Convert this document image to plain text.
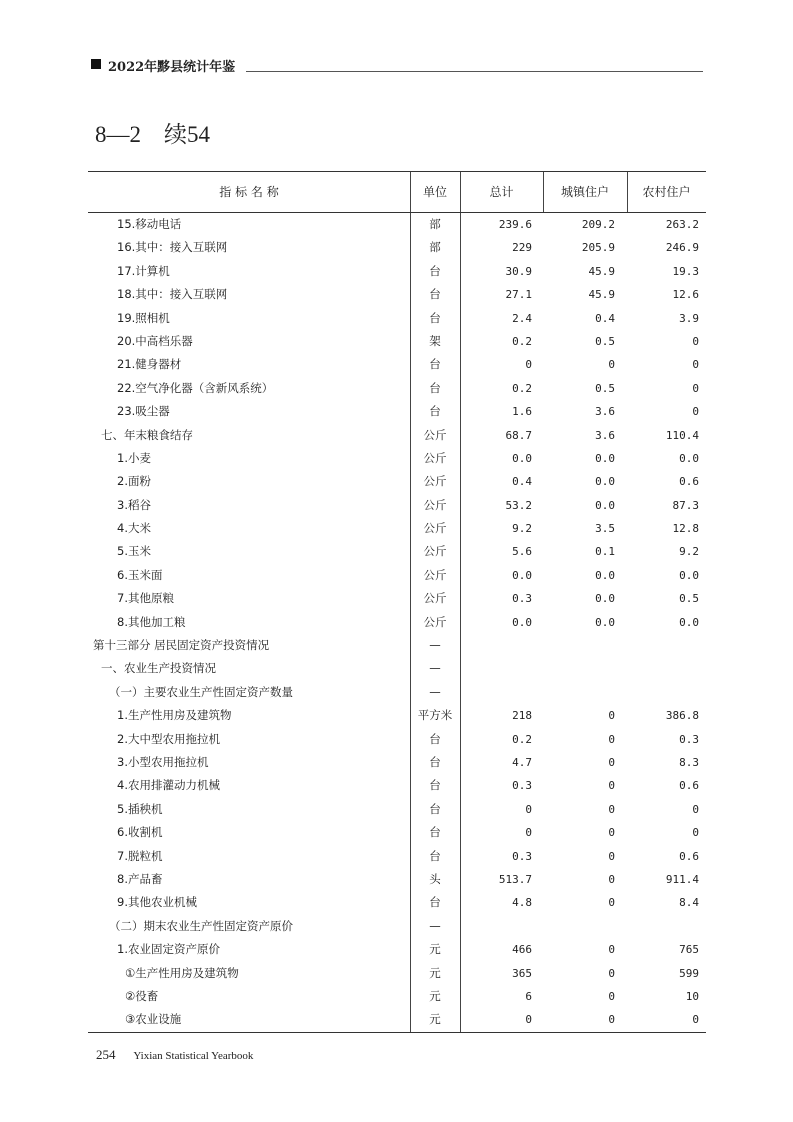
2022年黟县统计年鉴
8—2　续54
指 标 名 称	单位	总计	城镇住户	农村住户
15.移动电话	部	239.6	209.2	263.2
16.其中：接入互联网	部	229	205.9	246.9
17.计算机	台	30.9	45.9	19.3
18.其中：接入互联网	台	27.1	45.9	12.6
19.照相机	台	2.4	0.4	3.9
20.中高档乐器	架	0.2	0.5	0
21.健身器材	台	0	0	0
22.空气净化器（含新风系统）	台	0.2	0.5	0
23.吸尘器	台	1.6	3.6	0
七、年末粮食结存	公斤	68.7	3.6	110.4
1.小麦	公斤	0.0	0.0	0.0
2.面粉	公斤	0.4	0.0	0.6
3.稻谷	公斤	53.2	0.0	87.3
4.大米	公斤	9.2	3.5	12.8
5.玉米	公斤	5.6	0.1	9.2
6.玉米面	公斤	0.0	0.0	0.0
7.其他原粮	公斤	0.3	0.0	0.5
8.其他加工粮	公斤	0.0	0.0	0.0
第十三部分 居民固定资产投资情况	—
一、农业生产投资情况	—
（一）主要农业生产性固定资产数量	—
1.生产性用房及建筑物	平方米	218	0	386.8
2.大中型农用拖拉机	台	0.2	0	0.3
3.小型农用拖拉机	台	4.7	0	8.3
4.农用排灌动力机械	台	0.3	0	0.6
5.插秧机	台	0	0	0
6.收割机	台	0	0	0
7.脱粒机	台	0.3	0	0.6
8.产品畜	头	513.7	0	911.4
9.其他农业机械	台	4.8	0	8.4
（二）期末农业生产性固定资产原价	—
1.农业固定资产原价	元	466	0	765
①生产性用房及建筑物	元	365	0	599
②役畜	元	6	0	10
③农业设施	元	0	0	0
254 Yixian Statistical Yearbook
